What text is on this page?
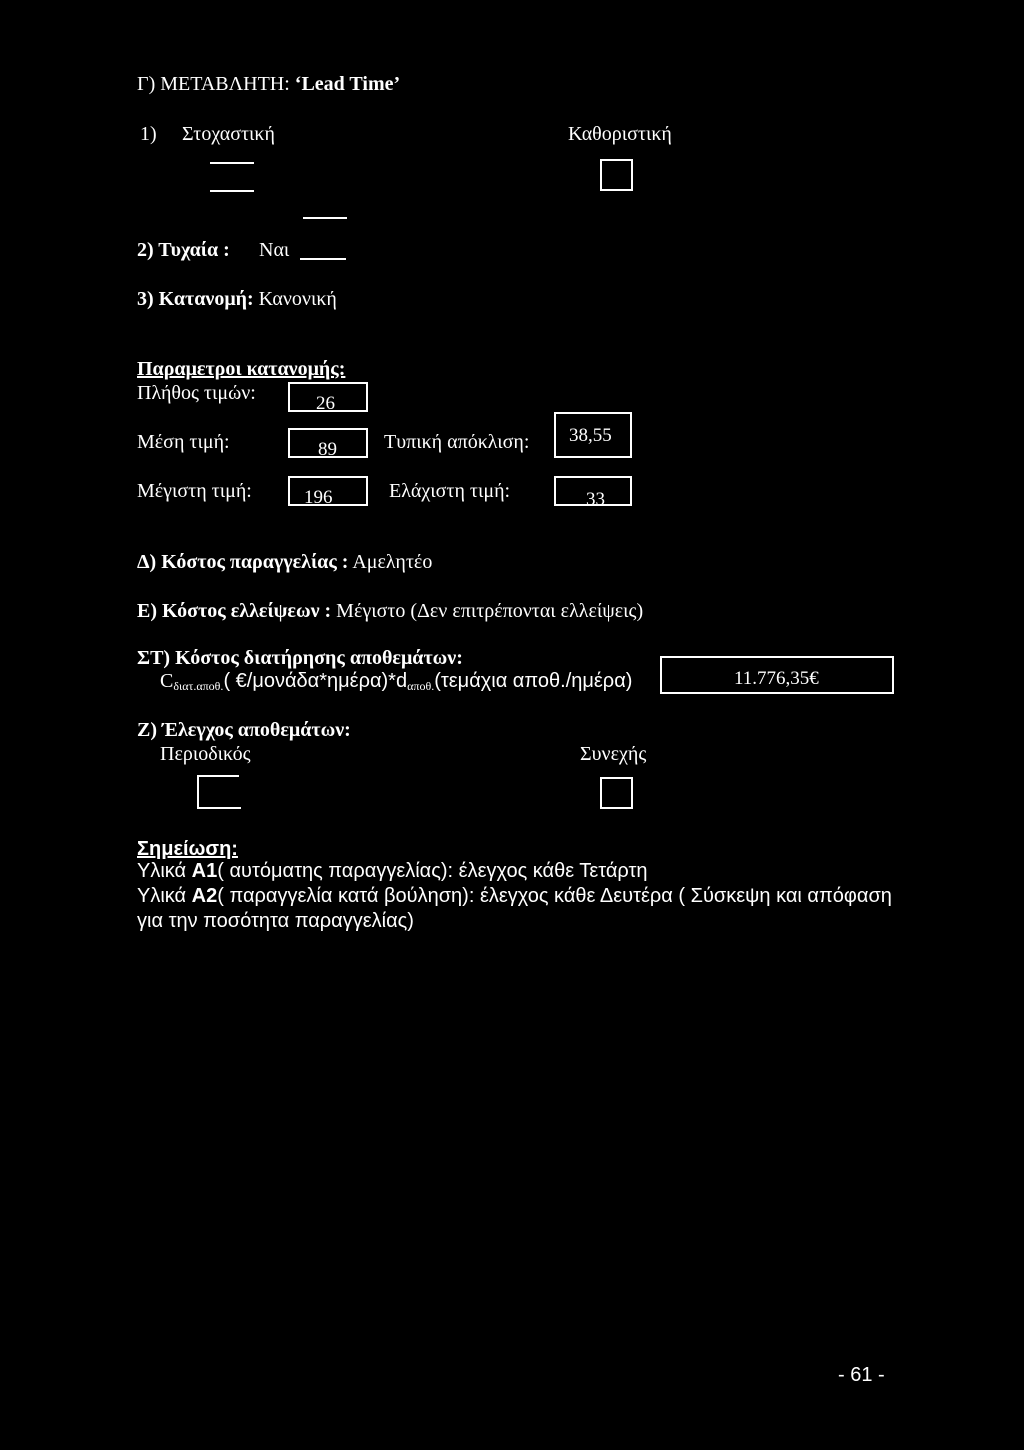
Γ) ΜΕΤΑΒΛΗΤΗ: ‘Lead Time’
1) Στοχαστική	Καθοριστική
2) Τυχαία : Ναι
3) Κατανομή: Κανονική
Παραμετροι κατανομής:
Πλήθος τιμών:	26
Μέση τιμή:	89 Τυπική απόκλιση: 38,55
Μέγιστη τιμή:	196	Ελάχιστη τιμή:	33
Δ) Κόστος παραγγελίας : Αμελητέο
Ε) Κόστος ελλείψεων : Μέγιστο (Δεν επιτρέπονται ελλείψεις)
ΣΤ) Κόστος διατήρησης αποθεμάτων:
$C_{\delta\iota\alpha\tau.\alpha\pi o\theta.}$( $€/\mu o\nu ά\delta\alpha*\eta\mu έ\rho\alpha)*d_{\alpha\pi o\theta.}(\tau\varepsilon\mu ά\chi\iota\alpha$ αποθ./ημέρα)	11.776,35€
Ζ) Έλεγχος αποθεμάτων:
Περιοδικός	Συνεχής
Σημείωση:
Υλικά Α1( αυτόματης παραγγελίας): έλεγχος κάθε Τετάρτη
Υλικά Α2( παραγγελία κατά βούληση): έλεγχος κάθε Δευτέρα ( Σύσκεψη και απόφαση
για την ποσότητα παραγγελίας)
- 61 -
